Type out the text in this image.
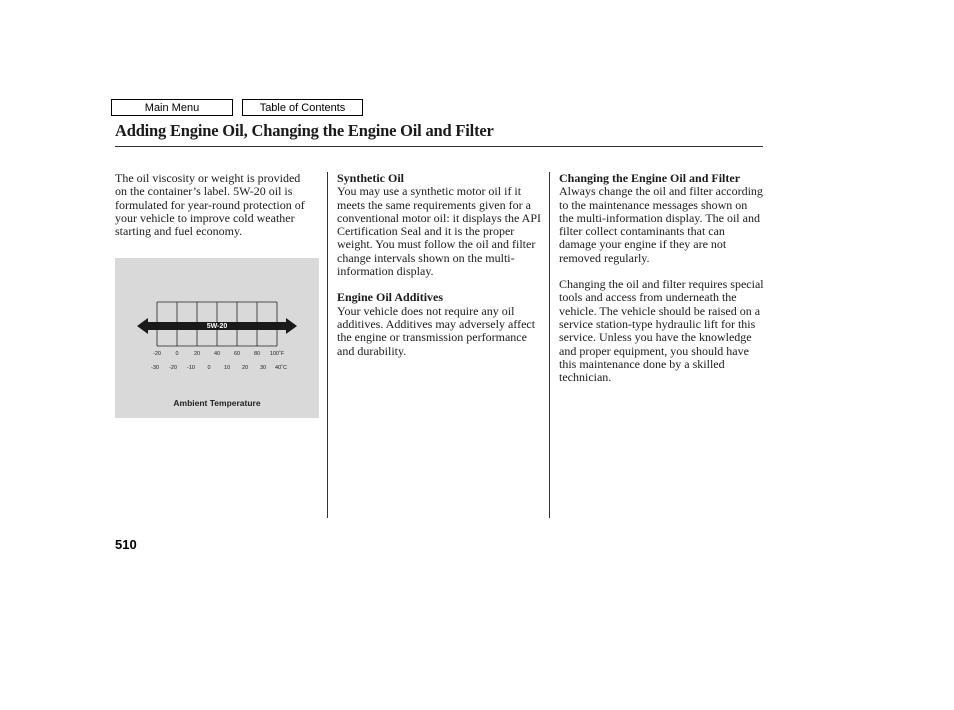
Main Menu	Table of Contents
Adding Engine Oil, Changing the Engine Oil and Filter

The oil viscosity or weight is provided on the container’s label. 5W-20 oil is formulated for year-round protection of your vehicle to improve cold weather starting and fuel economy.

5W-20
-20	0	20	40	60	80 100˚F
-30 -20 -10 0 10 20 30 40˚C
Ambient Temperature

Synthetic Oil

You may use a synthetic motor oil if it meets the same requirements given for a conventional motor oil: it displays the API Certification Seal and it is the proper weight. You must follow the oil and filter change intervals shown on the multi-information display.

Engine Oil Additives

Your vehicle does not require any oil additives. Additives may adversely affect the engine or transmission performance and durability.

Changing the Engine Oil and Filter

Always change the oil and filter according to the maintenance messages shown on the multi-information display. The oil and filter collect contaminants that can damage your engine if they are not removed regularly.

Changing the oil and filter requires special tools and access from underneath the vehicle. The vehicle should be raised on a service station-type hydraulic lift for this service. Unless you have the knowledge and proper equipment, you should have this maintenance done by a skilled technician.

510
